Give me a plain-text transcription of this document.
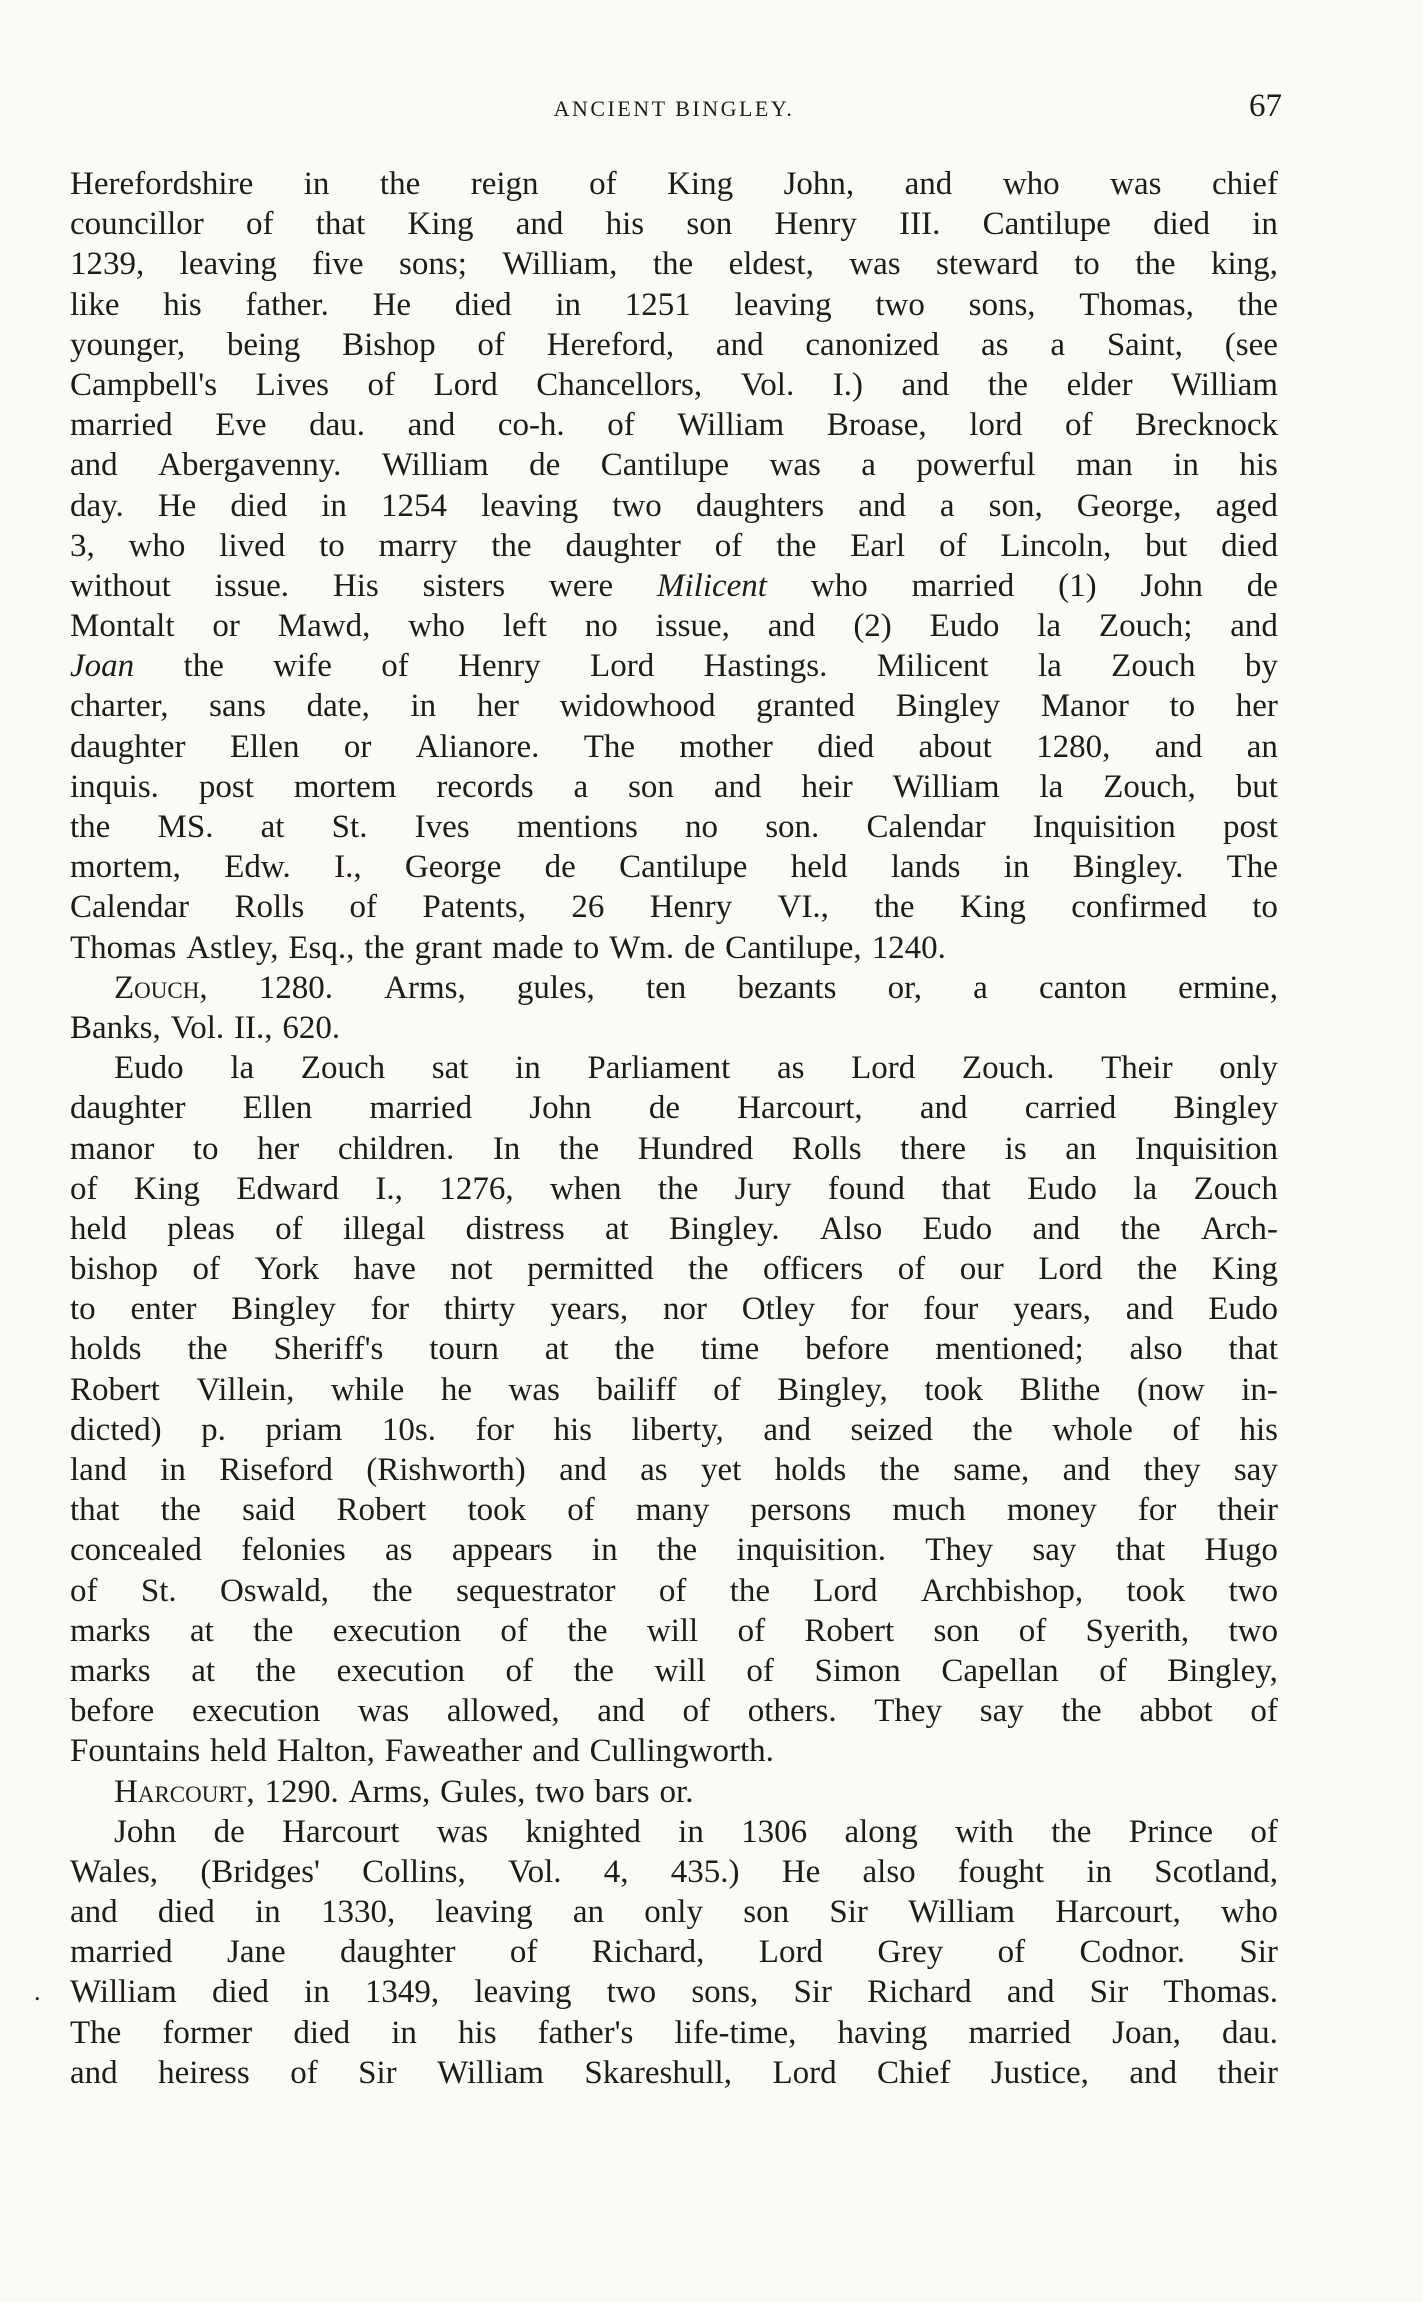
ANCIENT BINGLEY.	67
Herefordshire in the reign of King John, and who was chief
councillor of that King and his son Henry III. Cantilupe died in
1239, leaving five sons; William, the eldest, was steward to the king,
like his father. He died in 1251 leaving two sons, Thomas, the
younger, being Bishop of Hereford, and canonized as a Saint, (see
Campbell's Lives of Lord Chancellors, Vol. I.) and the elder William
married Eve dau. and co-h. of William Broase, lord of Brecknock
and Abergavenny. William de Cantilupe was a powerful man in his
day. He died in 1254 leaving two daughters and a son, George, aged
3, who lived to marry the daughter of the Earl of Lincoln, but died
without issue. His sisters were Milicent who married (1) John de
Montalt or Mawd, who left no issue, and (2) Eudo la Zouch; and
Joan the wife of Henry Lord Hastings. Milicent la Zouch by
charter, sans date, in her widowhood granted Bingley Manor to her
daughter Ellen or Alianore. The mother died about 1280, and an
inquis. post mortem records a son and heir William la Zouch, but
the MS. at St. Ives mentions no son. Calendar Inquisition post
mortem, Edw. I., George de Cantilupe held lands in Bingley. The
Calendar Rolls of Patents, 26 Henry VI., the King confirmed to
Thomas Astley, Esq., the grant made to Wm. de Cantilupe, 1240.
Zouch, 1280. Arms, gules, ten bezants or, a canton ermine,
Banks, Vol. II., 620.
Eudo la Zouch sat in Parliament as Lord Zouch. Their only
daughter Ellen married John de Harcourt, and carried Bingley
manor to her children. In the Hundred Rolls there is an Inquisition
of King Edward I., 1276, when the Jury found that Eudo la Zouch
held pleas of illegal distress at Bingley. Also Eudo and the Arch-
bishop of York have not permitted the officers of our Lord the King
to enter Bingley for thirty years, nor Otley for four years, and Eudo
holds the Sheriff's tourn at the time before mentioned; also that
Robert Villein, while he was bailiff of Bingley, took Blithe (now in-
dicted) p. priam 10s. for his liberty, and seized the whole of his
land in Riseford (Rishworth) and as yet holds the same, and they say
that the said Robert took of many persons much money for their
concealed felonies as appears in the inquisition. They say that Hugo
of St. Oswald, the sequestrator of the Lord Archbishop, took two
marks at the execution of the will of Robert son of Syerith, two
marks at the execution of the will of Simon Capellan of Bingley,
before execution was allowed, and of others. They say the abbot of
Fountains held Halton, Faweather and Cullingworth.
Harcourt, 1290. Arms, Gules, two bars or.
John de Harcourt was knighted in 1306 along with the Prince of
Wales, (Bridges' Collins, Vol. 4, 435.) He also fought in Scotland,
and died in 1330, leaving an only son Sir William Harcourt, who
married Jane daughter of Richard, Lord Grey of Codnor. Sir
. William died in 1349, leaving two sons, Sir Richard and Sir Thomas.
The former died in his father's life-time, having married Joan, dau.
and heiress of Sir William Skareshull, Lord Chief Justice, and their
